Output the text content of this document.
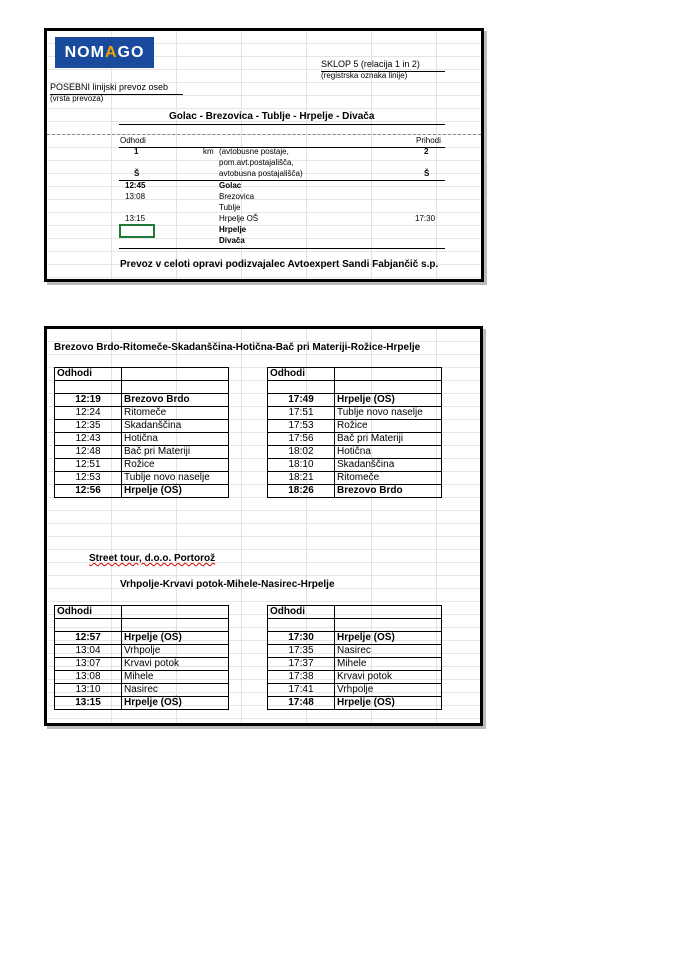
NOMAGO
SKLOP 5 (relacija 1 in 2)
(registrska oznaka linije)
POSEBNI linijski prevoz oseb
(vrsta prevoza)
Golac - Brezovica - Tublje - Hrpelje - Divača
Odhodi	Prihodi
1	km (avtobusne postaje,	2
pom.avt.postajališča,
Š	avtobusna postajališča)	Š
12:45	Golac
13:08	Brezovica
Tublje
13:15	Hrpelje OŠ	17:30
Hrpelje
Divača
Prevoz v celoti opravi podizvajalec Avtoexpert Sandi Fabjančič s.p.
Brezovo Brdo-Ritomeče-Skadanščina-Hotična-Bač pri Materiji-Rožice-Hrpelje
Odhodi	

12:19	Brezovo Brdo
12:24	Ritomeče
12:35	Skadanščina
12:43	Hotična
12:48	Bač pri Materiji
12:51	Rožice
12:53	Tublje novo naselje
12:56	Hrpelje (OŠ)
Odhodi	

17:49	Hrpelje (OŠ)
17:51	Tublje novo naselje
17:53	Rožice
17:56	Bač pri Materiji
18:02	Hotična
18:10	Skadanščina
18:21	Ritomeče
18:26	Brezovo Brdo
Street tour, d.o.o. Portorož
Vrhpolje-Krvavi potok-Mihele-Nasirec-Hrpelje
Odhodi	

12:57	Hrpelje (OŠ)
13:04	Vrhpolje
13:07	Krvavi potok
13:08	Mihele
13:10	Nasirec
13:15	Hrpelje (OŠ)
Odhodi	

17:30	Hrpelje (OŠ)
17:35	Nasirec
17:37	Mihele
17:38	Krvavi potok
17:41	Vrhpolje
17:48	Hrpelje (OŠ)
